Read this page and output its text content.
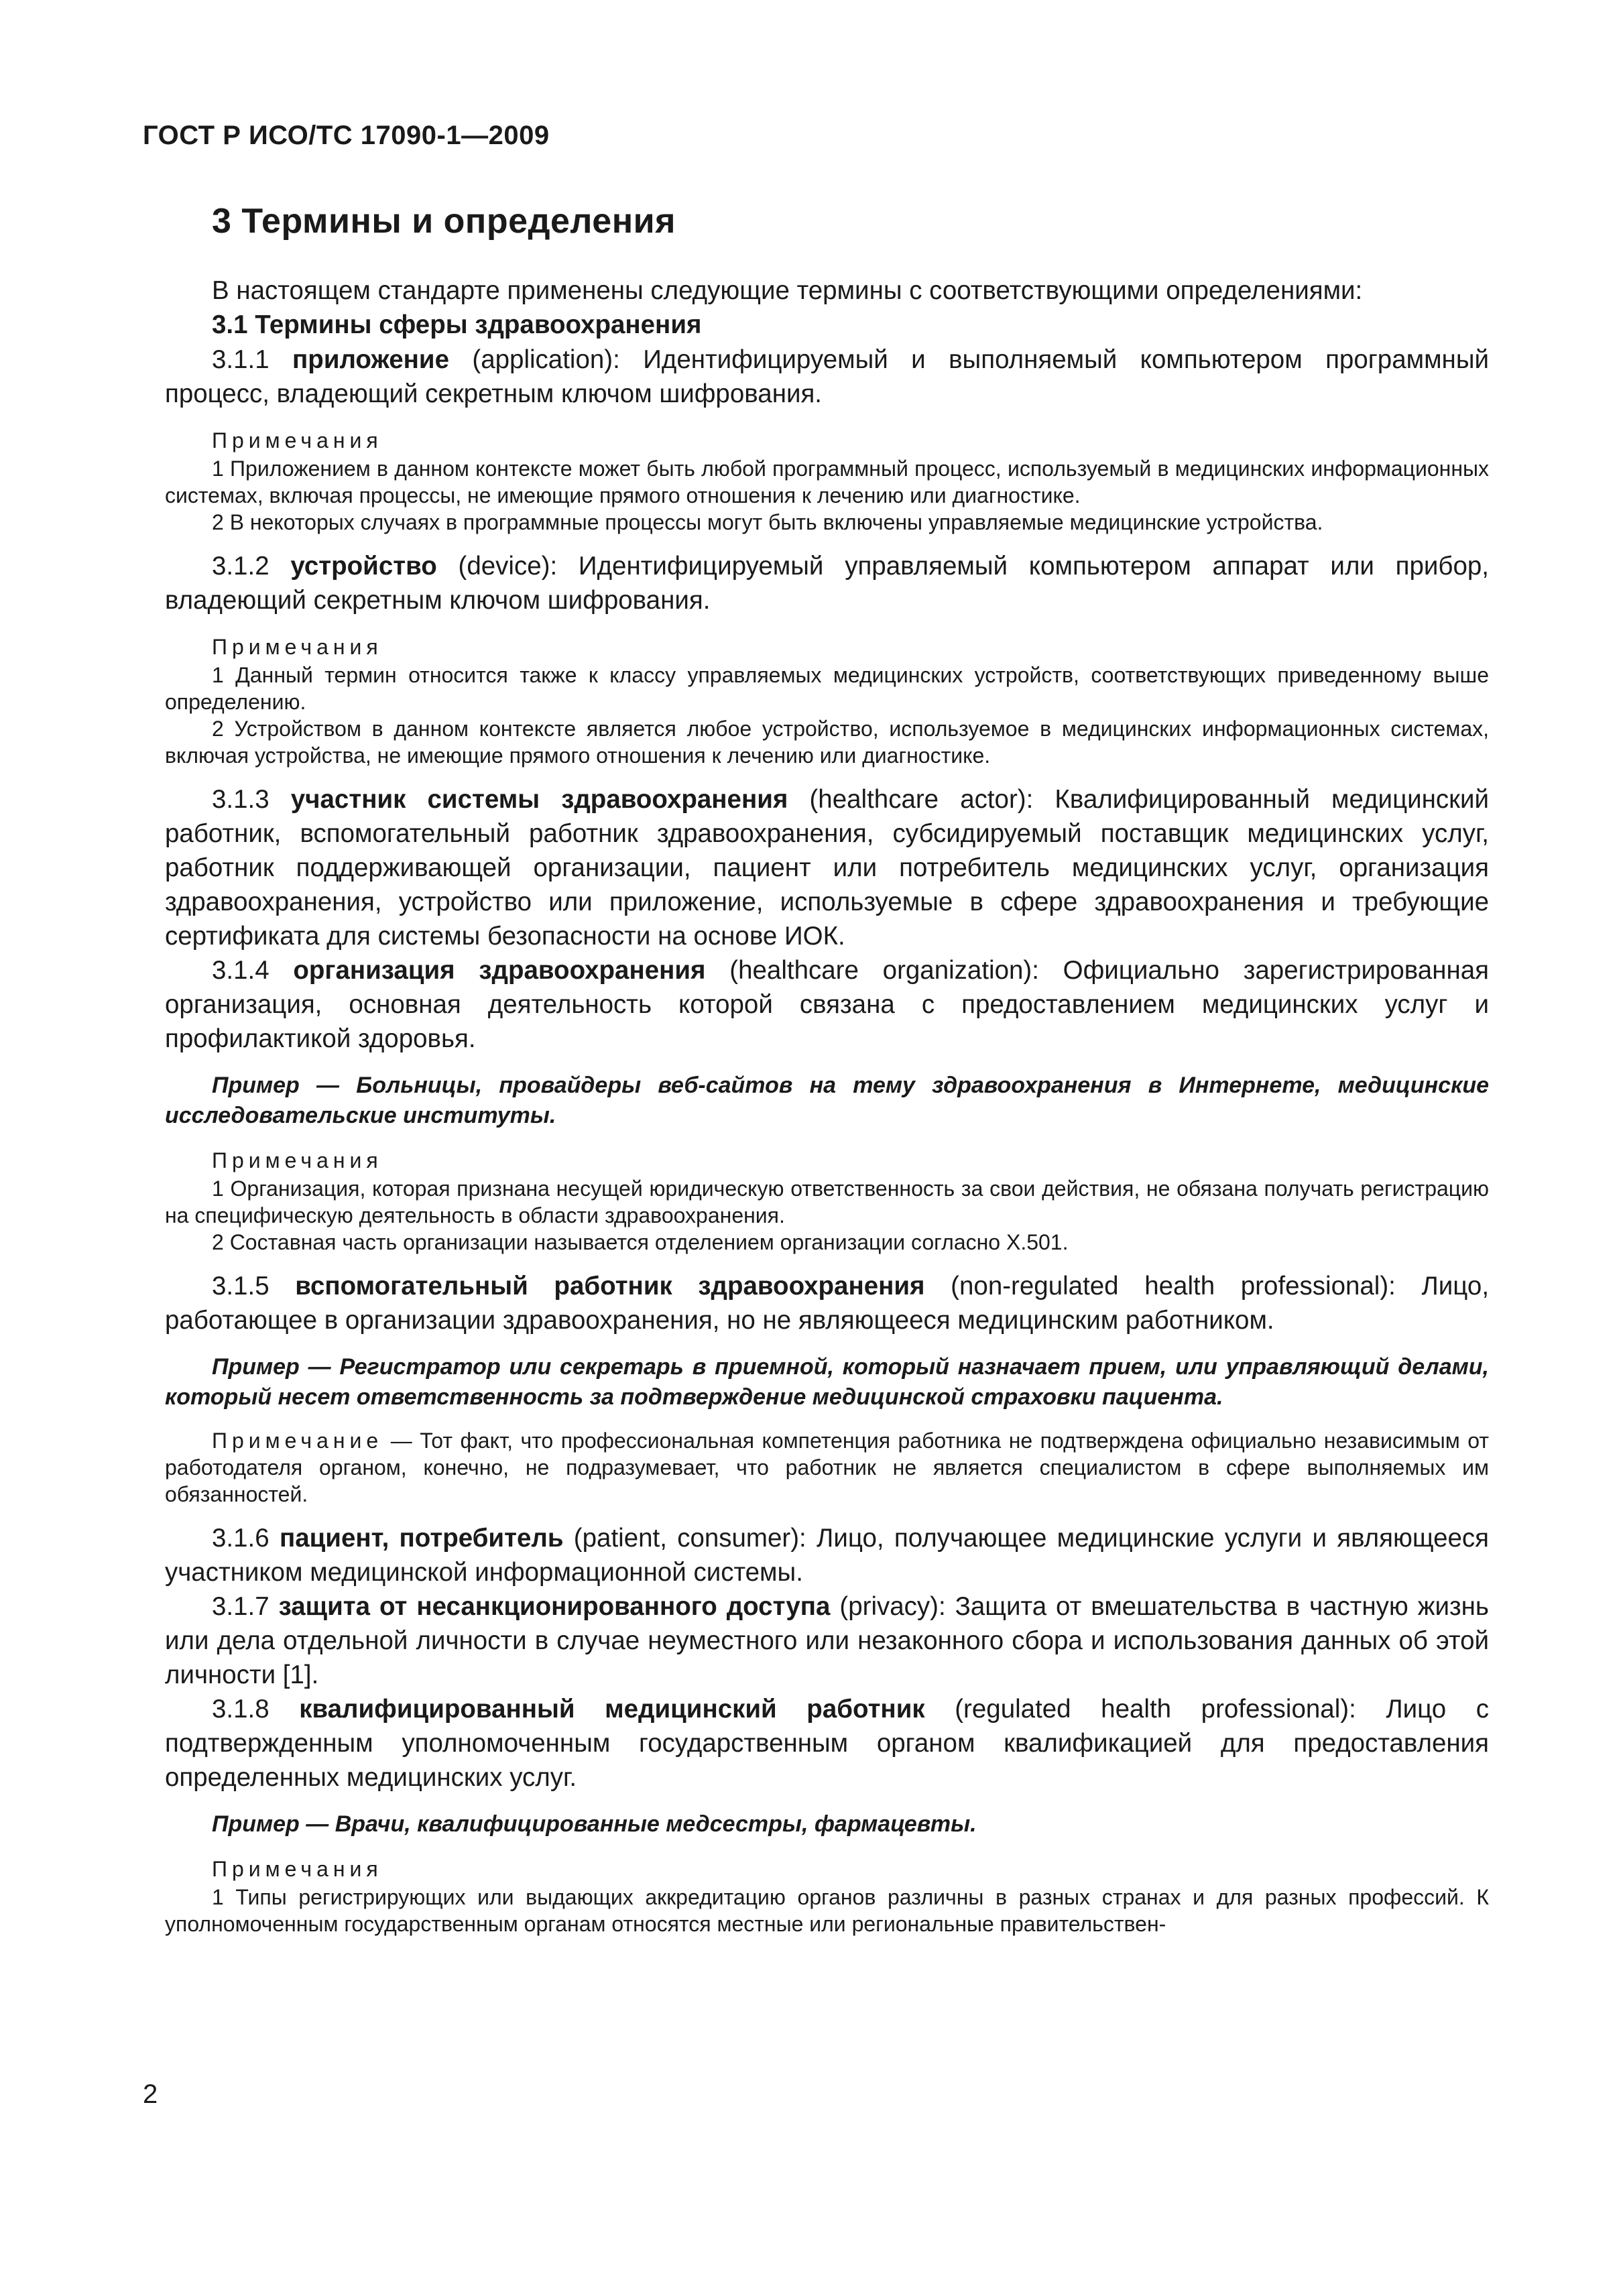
ГОСТ Р ИСО/ТС 17090-1—2009
3 Термины и определения

В настоящем стандарте применены следующие термины с соответствующими определениями:

3.1 Термины сферы здравоохранения

3.1.1 приложение (application): Идентифицируемый и выполняемый компьютером программный процесс, владеющий секретным ключом шифрования.

Примечания

1 Приложением в данном контексте может быть любой программный процесс, используемый в медицинских информационных системах, включая процессы, не имеющие прямого отношения к лечению или диагностике.

2 В некоторых случаях в программные процессы могут быть включены управляемые медицинские устройства.

3.1.2 устройство (device): Идентифицируемый управляемый компьютером аппарат или прибор, владеющий секретным ключом шифрования.

Примечания

1 Данный термин относится также к классу управляемых медицинских устройств, соответствующих приведенному выше определению.

2 Устройством в данном контексте является любое устройство, используемое в медицинских информационных системах, включая устройства, не имеющие прямого отношения к лечению или диагностике.

3.1.3 участник системы здравоохранения (healthcare actor): Квалифицированный медицинский работник, вспомогательный работник здравоохранения, субсидируемый поставщик медицинских услуг, работник поддерживающей организации, пациент или потребитель медицинских услуг, организация здравоохранения, устройство или приложение, используемые в сфере здравоохранения и требующие сертификата для системы безопасности на основе ИОК.

3.1.4 организация здравоохранения (healthcare organization): Официально зарегистрированная организация, основная деятельность которой связана с предоставлением медицинских услуг и профилактикой здоровья.

Пример — Больницы, провайдеры веб-сайтов на тему здравоохранения в Интернете, медицинские исследовательские институты.

Примечания

1 Организация, которая признана несущей юридическую ответственность за свои действия, не обязана получать регистрацию на специфическую деятельность в области здравоохранения.

2 Составная часть организации называется отделением организации согласно X.501.

3.1.5 вспомогательный работник здравоохранения (non-regulated health professional): Лицо, работающее в организации здравоохранения, но не являющееся медицинским работником.

Пример — Регистратор или секретарь в приемной, который назначает прием, или управляющий делами, который несет ответственность за подтверждение медицинской страховки пациента.

Примечание — Тот факт, что профессиональная компетенция работника не подтверждена официально независимым от работодателя органом, конечно, не подразумевает, что работник не является специалистом в сфере выполняемых им обязанностей.

3.1.6 пациент, потребитель (patient, consumer): Лицо, получающее медицинские услуги и являющееся участником медицинской информационной системы.

3.1.7 защита от несанкционированного доступа (privacy): Защита от вмешательства в частную жизнь или дела отдельной личности в случае неуместного или незаконного сбора и использования данных об этой личности [1].

3.1.8 квалифицированный медицинский работник (regulated health professional): Лицо с подтвержденным уполномоченным государственным органом квалификацией для предоставления определенных медицинских услуг.

Пример — Врачи, квалифицированные медсестры, фармацевты.

Примечания

1 Типы регистрирующих или выдающих аккредитацию органов различны в разных странах и для разных профессий. К уполномоченным государственным органам относятся местные или региональные правительствен-

2
